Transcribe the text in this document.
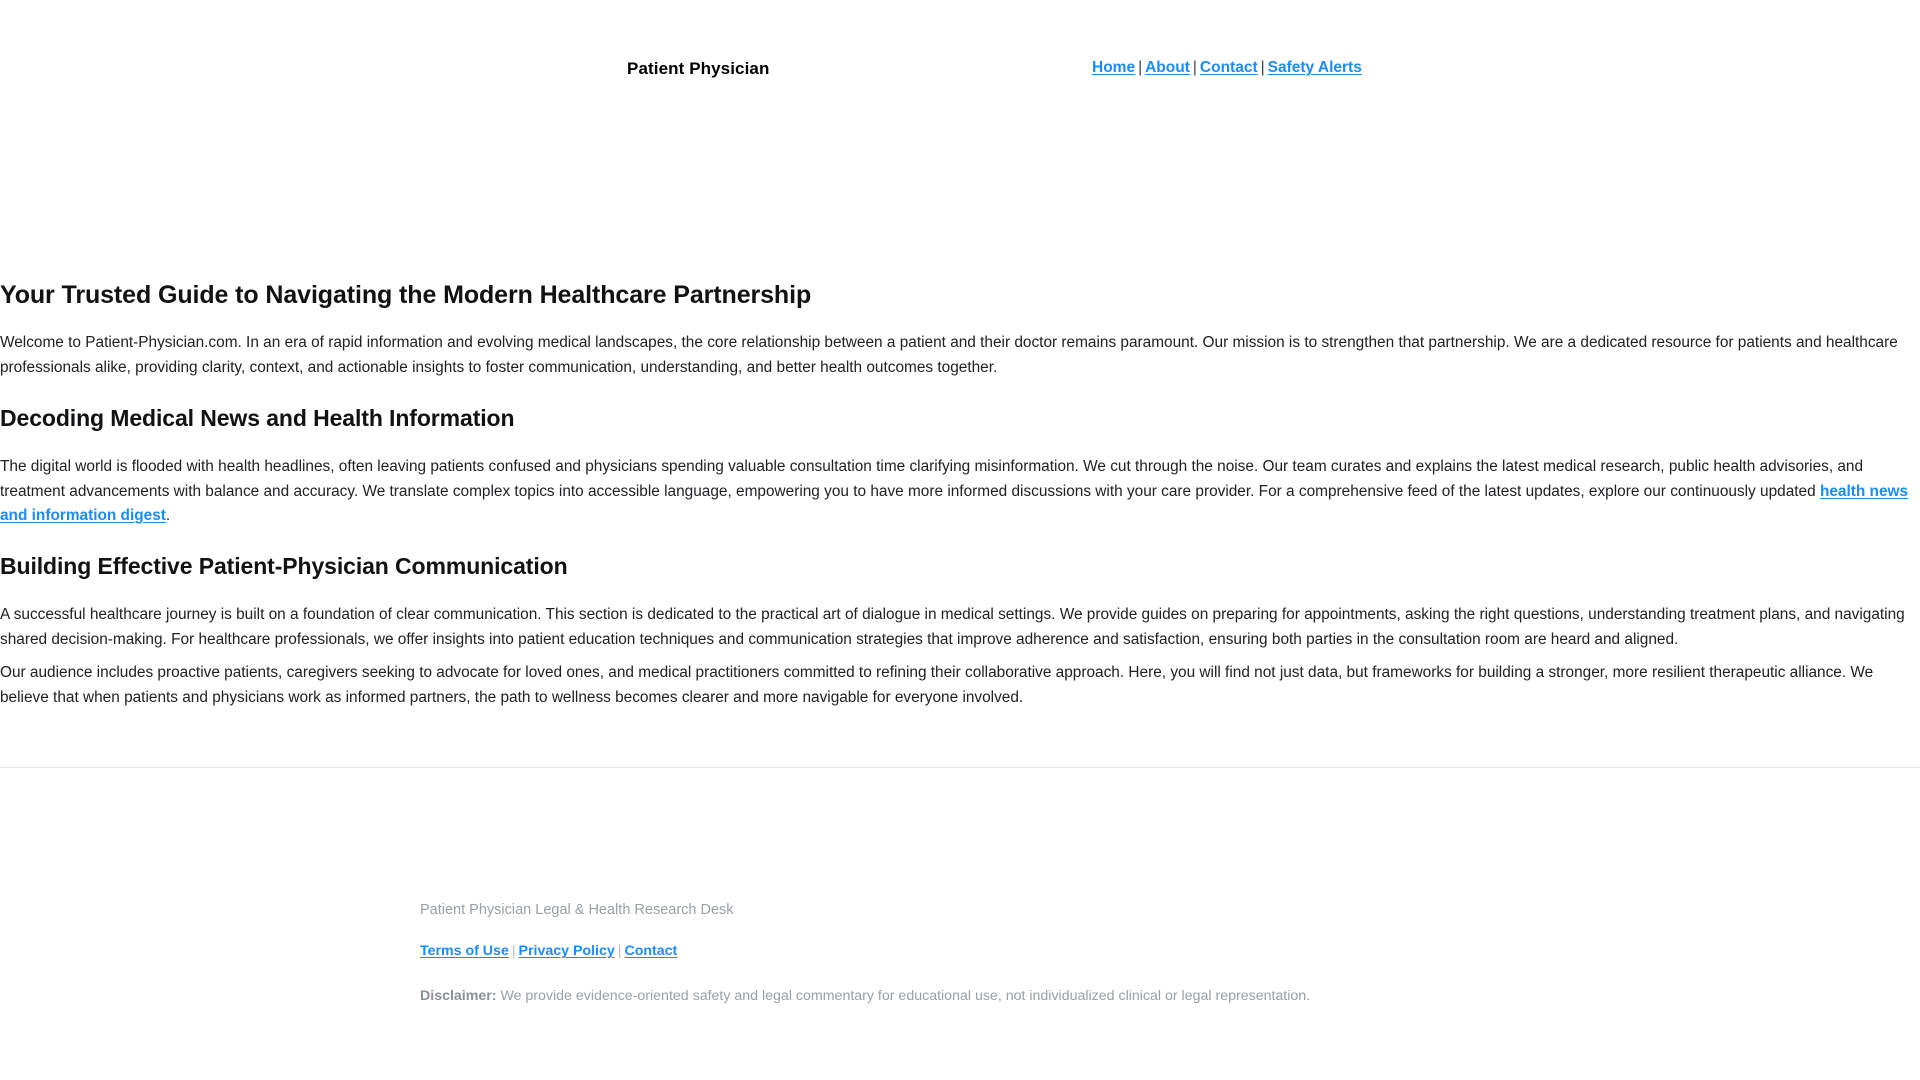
Patient Physician	Home | About | Contact | Safety Alerts
Your Trusted Guide to Navigating the Modern Healthcare Partnership

Welcome to Patient-Physician.com. In an era of rapid information and evolving medical landscapes, the core relationship between a patient and their doctor remains paramount. Our mission is to strengthen that partnership. We are a dedicated resource for patients and healthcare professionals alike, providing clarity, context, and actionable insights to foster communication, understanding, and better health outcomes together.

Decoding Medical News and Health Information

The digital world is flooded with health headlines, often leaving patients confused and physicians spending valuable consultation time clarifying misinformation. We cut through the noise. Our team curates and explains the latest medical research, public health advisories, and treatment advancements with balance and accuracy. We translate complex topics into accessible language, empowering you to have more informed discussions with your care provider. For a comprehensive feed of the latest updates, explore our continuously updated health news and information digest.

Building Effective Patient-Physician Communication

A successful healthcare journey is built on a foundation of clear communication. This section is dedicated to the practical art of dialogue in medical settings. We provide guides on preparing for appointments, asking the right questions, understanding treatment plans, and navigating shared decision-making. For healthcare professionals, we offer insights into patient education techniques and communication strategies that improve adherence and satisfaction, ensuring both parties in the consultation room are heard and aligned.

Our audience includes proactive patients, caregivers seeking to advocate for loved ones, and medical practitioners committed to refining their collaborative approach. Here, you will find not just data, but frameworks for building a stronger, more resilient therapeutic alliance. We believe that when patients and physicians work as informed partners, the path to wellness becomes clearer and more navigable for everyone involved.

Patient Physician Legal & Health Research Desk
Terms of Use | Privacy Policy | Contact
Disclaimer: We provide evidence-oriented safety and legal commentary for educational use, not individualized clinical or legal representation.
